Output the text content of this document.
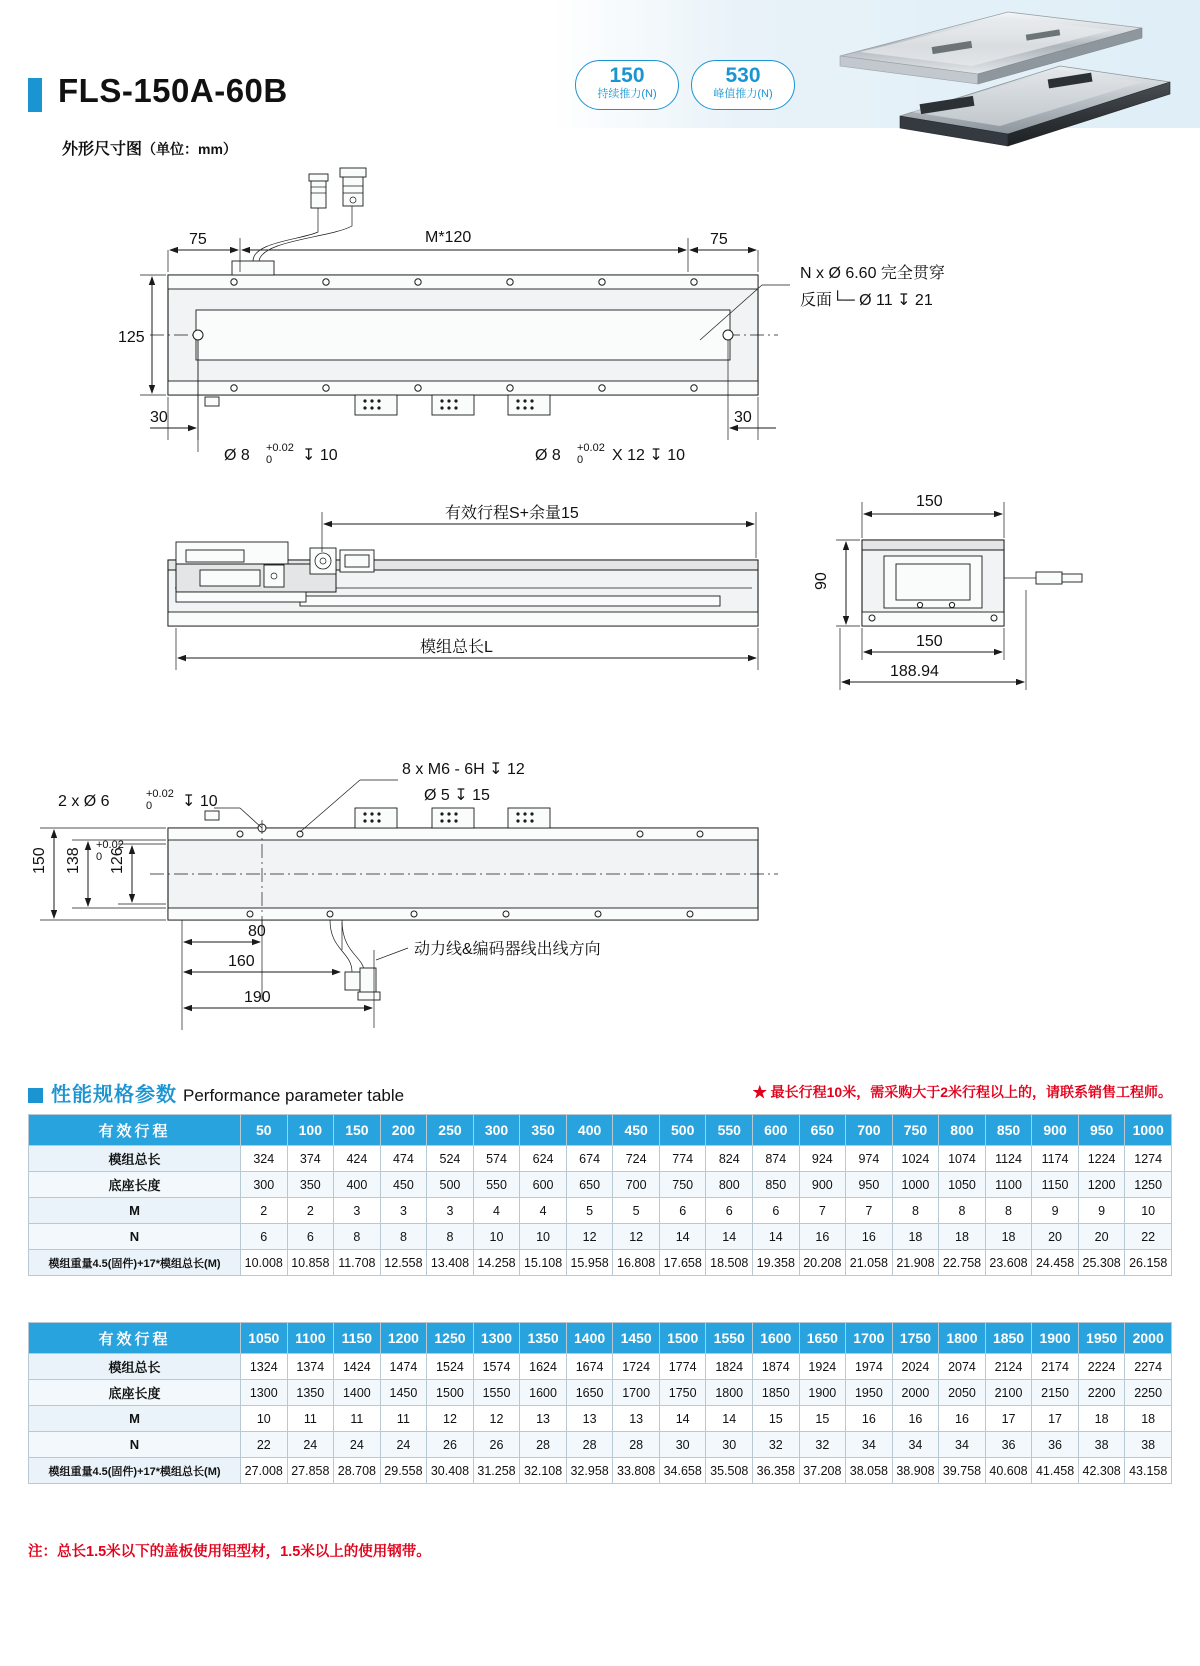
FLS-150A-60B
外形尺寸图（单位：mm）
150
持续推力(N)
530
峰值推力(N)
75	75
M*120
125
30	30
Ø 8 +0.02
0 ↧ 10	Ø 8 +0.02
0 X 12 ↧ 10
N x Ø 6.60 完全贯穿
反面└─ Ø 11 ↧ 21
有效行程S+余量15
模组总长L
150
90
150
188.94
动力线&编码器线出线方向
8 x M6 - 6H ↧ 12
Ø 5 ↧ 15
2 x Ø 6	+0.02
0 ↧ 10
150 138
+0.02
0 126
80
160
190
性能规格参数 Performance parameter table	★ 最长行程10米，需采购大于2米行程以上的，请联系销售工程师。
有效行程	50	100	150	200	250	300	350	400	450	500	550	600	650	700	750	800	850	900	950	1000
模组总长	324	374	424	474	524	574	624	674	724	774	824	874	924	974	1024	1074	1124	1174	1224	1274
底座长度	300	350	400	450	500	550	600	650	700	750	800	850	900	950	1000	1050	1100	1150	1200	1250
M	2	2	3	3	3	4	4	5	5	6	6	6	7	7	8	8	8	9	9	10
N	6	6	8	8	8	10	10	12	12	14	14	14	16	16	18	18	18	20	20	22
模组重量4.5(固件)+17*模组总长(M)	10.008	10.858	11.708	12.558	13.408	14.258	15.108	15.958	16.808	17.658	18.508	19.358	20.208	21.058	21.908	22.758	23.608	24.458	25.308	26.158
有效行程	1050	1100	1150	1200	1250	1300	1350	1400	1450	1500	1550	1600	1650	1700	1750	1800	1850	1900	1950	2000
模组总长	1324	1374	1424	1474	1524	1574	1624	1674	1724	1774	1824	1874	1924	1974	2024	2074	2124	2174	2224	2274
底座长度	1300	1350	1400	1450	1500	1550	1600	1650	1700	1750	1800	1850	1900	1950	2000	2050	2100	2150	2200	2250
M	10	11	11	11	12	12	13	13	13	14	14	15	15	16	16	16	17	17	18	18
N	22	24	24	24	26	26	28	28	28	30	30	32	32	34	34	34	36	36	38	38
模组重量4.5(固件)+17*模组总长(M)	27.008	27.858	28.708	29.558	30.408	31.258	32.108	32.958	33.808	34.658	35.508	36.358	37.208	38.058	38.908	39.758	40.608	41.458	42.308	43.158
注：总长1.5米以下的盖板使用铝型材，1.5米以上的使用钢带。
